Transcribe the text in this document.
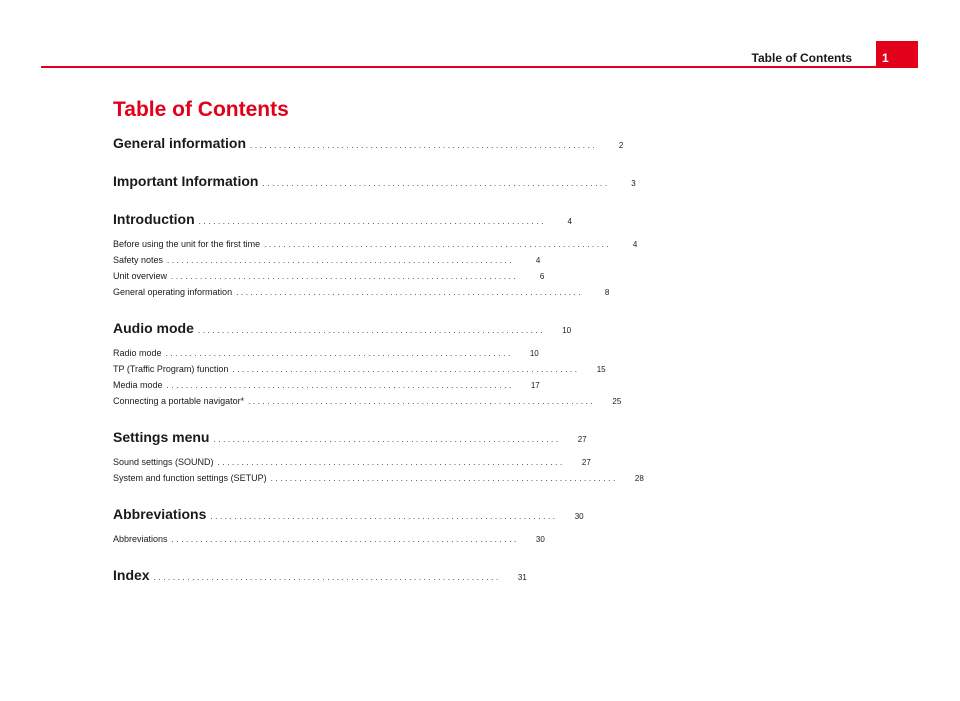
Table of Contents	1
Table of Contents
General information ........................................................................	2
Important Information ........................................................................	3
Introduction ........................................................................	4
Before using the unit for the first time ........................................................................	4
Safety notes ........................................................................	4
Unit overview ........................................................................	6
General operating information ........................................................................	8
Audio mode ........................................................................	10
Radio mode ........................................................................	10
TP (Traffic Program) function ........................................................................	15
Media mode ........................................................................	17
Connecting a portable navigator* ........................................................................	25
Settings menu ........................................................................	27
Sound settings (SOUND) ........................................................................	27
System and function settings (SETUP) ........................................................................	28
Abbreviations ........................................................................	30
Abbreviations ........................................................................	30
Index ........................................................................	31
